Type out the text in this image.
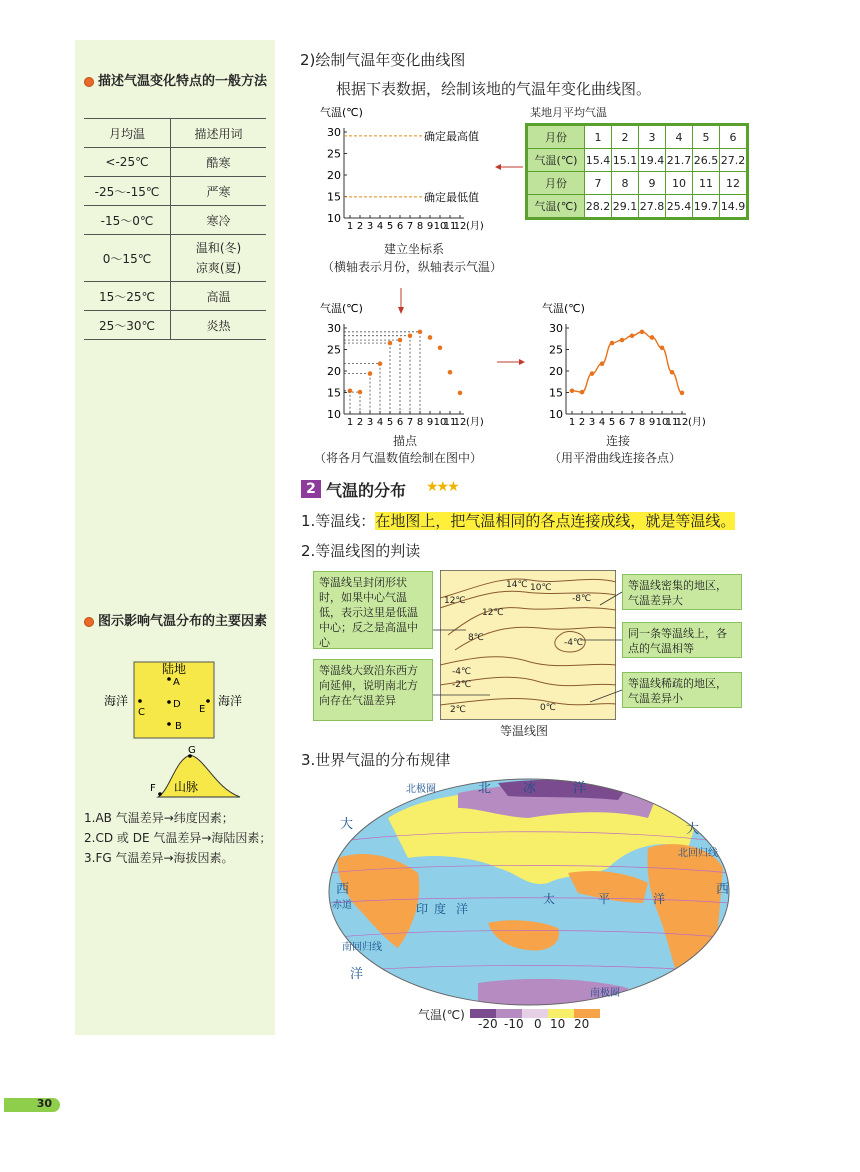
描述气温变化特点的一般方法
月均温	描述用词
<-25℃	酷寒
-25～-15℃	严寒
-15～0℃	寒冷
0～15℃	温和(冬)
凉爽(夏)
15～25℃	高温
25～30℃	炎热
图示影响气温分布的主要因素
陆地
海洋	海洋
A
B
C
D E
山脉
F
G
1.AB 气温差异→纬度因素；
2.CD 或 DE 气温差异→海陆因素；
3.FG 气温差异→海拔因素。
2)绘制气温年变化曲线图
根据下表数据，绘制该地的气温年变化曲线图。
某地月平均气温
月份	1	2	3	4	5	6
气温(℃)	15.4	15.1	19.4	21.7	26.5	27.2
月份	7	8	9	10	11	12
气温(℃)	28.2	29.1	27.8	25.4	19.7	14.9
气温(℃)
10
15
20
25
30
1 2 3 4 5 6 7 8 9 10
11
12 (月)
确定最高值
确定最低值
建立坐标系
（横轴表示月份，纵轴表示气温）
气温(℃)
10
15
20
25
30
1 2 3 4 5 6 7 8 9 10
11
12 (月)
描点
（将各月气温数值绘制在图中）
气温(℃)
10
15
20
25
30
1 2 3 4 5 6 7 8 9 10
11
12 (月)
连接
（用平滑曲线连接各点）
2 气温的分布 ★★★
1.等温线：在地图上，把气温相同的各点连接成线，就是等温线。
2.等温线图的判读
等温线呈封闭形状时，如果中心气温低，表示这里是低温中心；反之是高温中心
等温线大致沿东西方向延伸，说明南北方向存在气温差异
等温线密集的地区，气温差异大
同一条等温线上，各点的气温相等
等温线稀疏的地区，气温差异小
14℃ 10℃
12℃	-8℃
12℃
8℃	-4℃
-4℃
-2℃
0℃
2℃
等温线图
3.世界气温的分布规律
北极圈	北 冰	洋
大	大
北回归线
西	西
赤道	印 度 洋
太	平	洋
南回归线
洋
南极圈
气温(℃)
-20 -10 0 10 20
30
